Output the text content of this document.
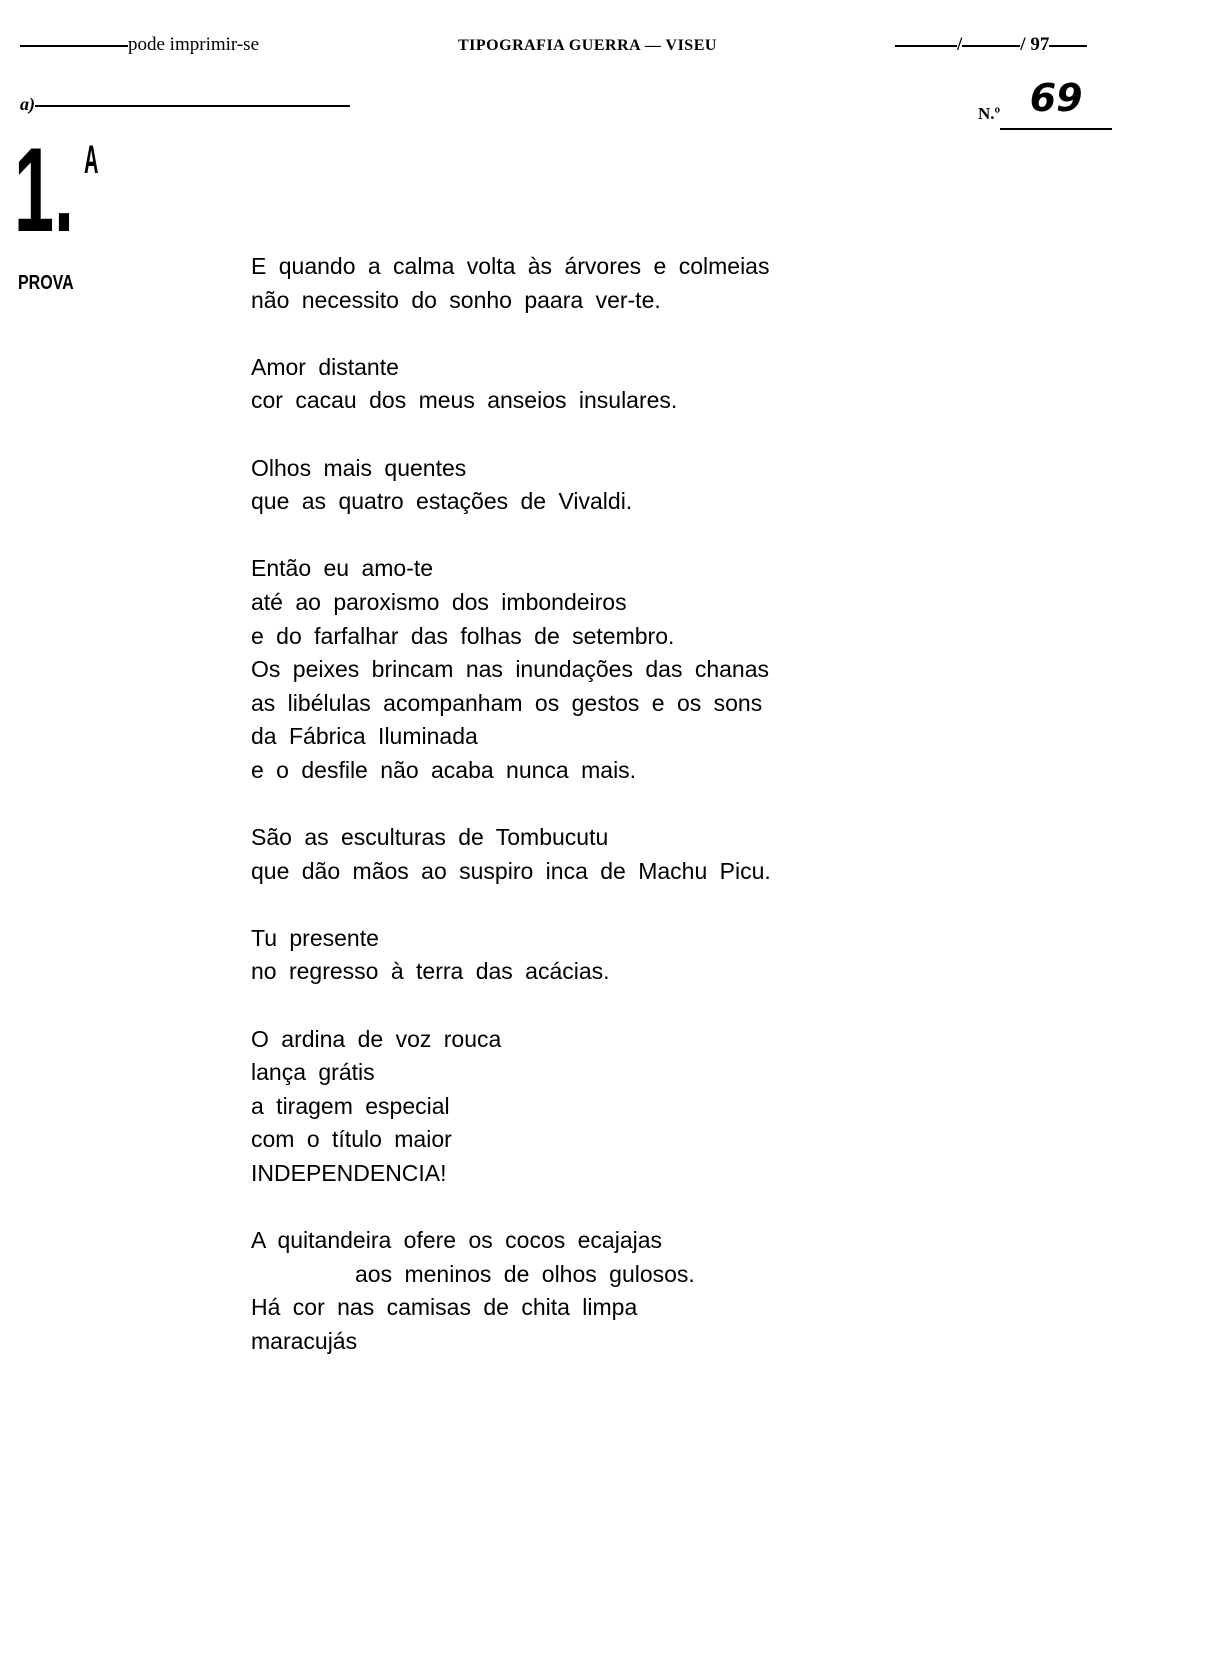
pode imprimir-se	TIPOGRAFIA GUERRA — VISEU	/	/ 97
a)	N.º 69
1. A
PROVA
E quando a calma volta às árvores e colmeias
não necessito do sonho paara ver-te.
Amor distante
cor cacau dos meus anseios insulares.
Olhos mais quentes
que as quatro estações de Vivaldi.
Então eu amo-te
até ao paroxismo dos imbondeiros
e do farfalhar das folhas de setembro.
Os peixes brincam nas inundações das chanas
as libélulas acompanham os gestos e os sons
da Fábrica Iluminada
e o desfile não acaba nunca mais.
São as esculturas de Tombucutu
que dão mãos ao suspiro inca de Machu Picu.
Tu presente
no regresso à terra das acácias.
O ardina de voz rouca
lança grátis
a tiragem especial
com o título maior
INDEPENDENCIA!
A quitandeira ofere os cocos ecajajas
aos meninos de olhos gulosos.
Há cor nas camisas de chita limpa
maracujás
